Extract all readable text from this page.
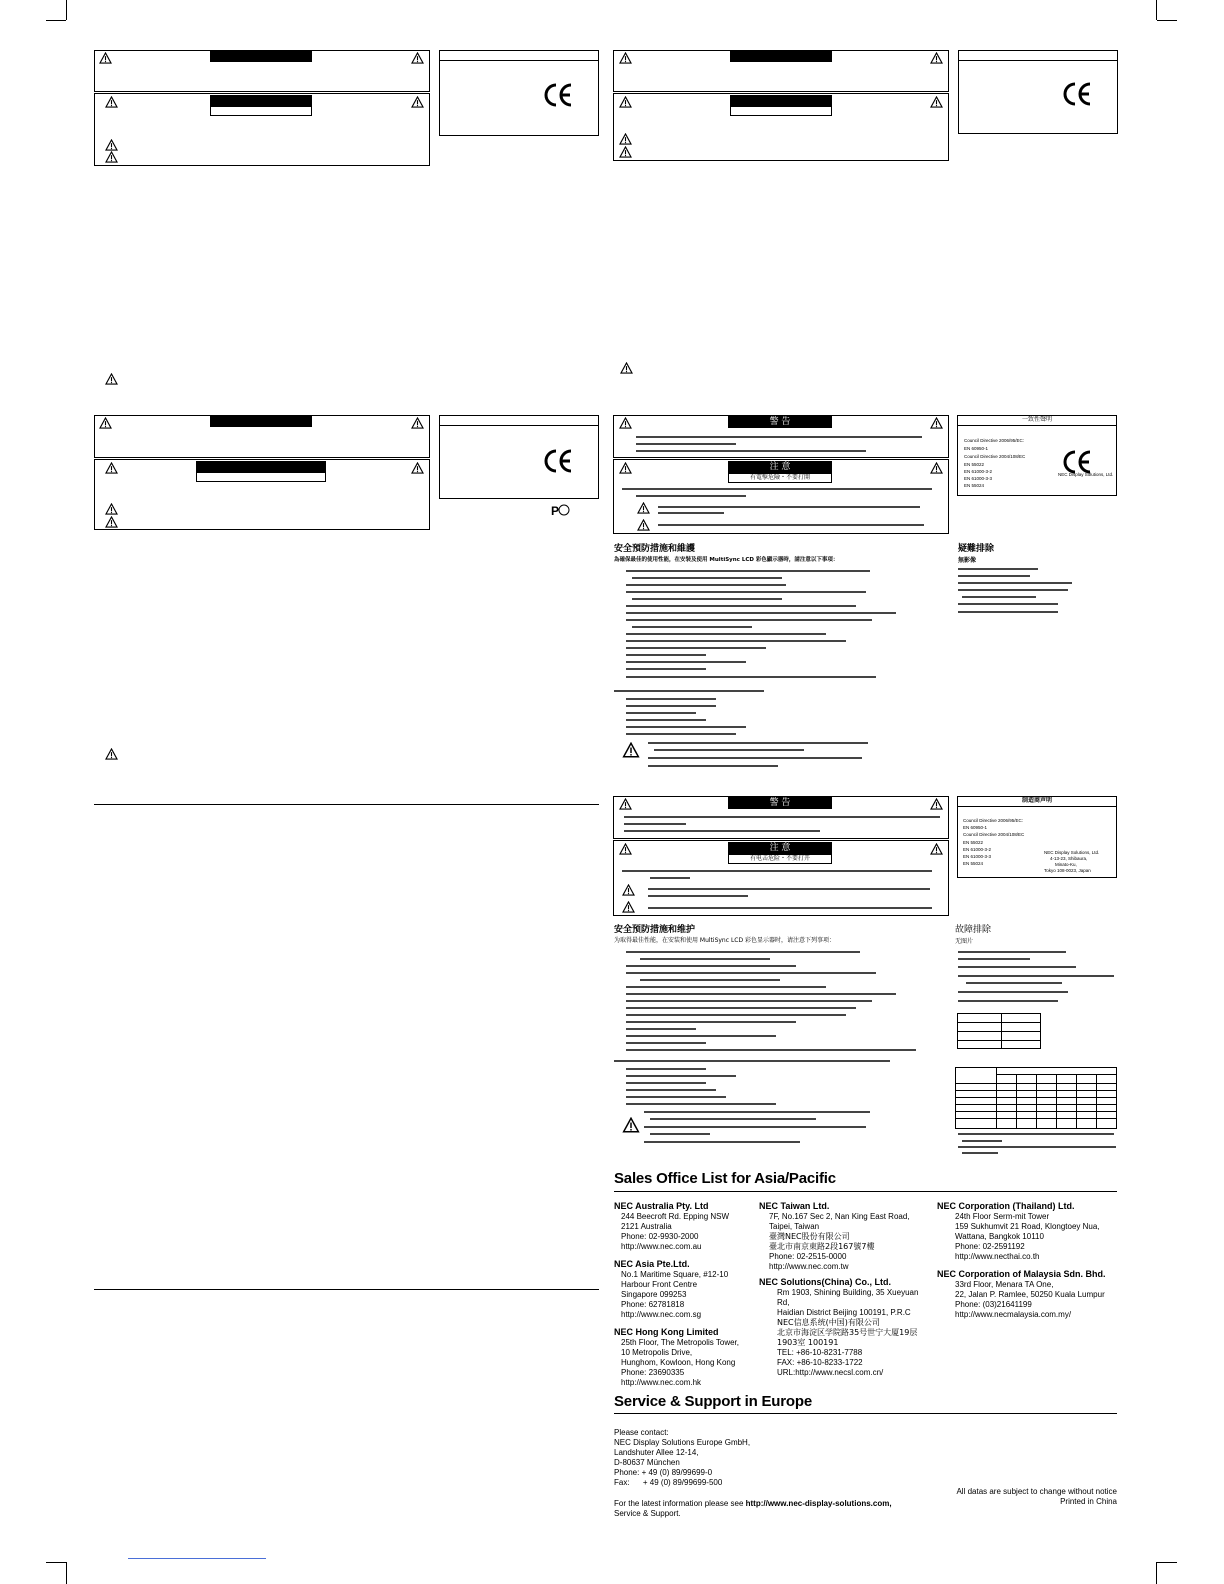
P
警 告
注 意
有電擊危險・不要打開
一致性聲明
Council Directive 2006/95/EC:
EN 60950-1
Council Directive 2004/108/EC
EN 55022
EN 61000-3-2
EN 61000-3-3
EN 55024
NEC Display Solutions, Ltd.
安全預防措施和維護
為確保最佳的使用性能，在安裝及使用 MultiSync LCD 彩色顯示器時，請注意以下事項：
疑難排除
無影像
警 告
注 意
有电击危险・不要打开
制造商声明
Council Directive 2006/95/EC:
EN 60950-1
Council Directive 2004/108/EC
EN 55022
EN 61000-3-2
EN 61000-3-3
EN 55024
NEC Display Solutions, Ltd.
4-13-23, Shibaura,
Minato-Ku,
Tokyo 108-0023, Japan
安全预防措施和维护
为取得最佳性能，在安装和使用 MultiSync LCD 彩色显示器时，请注意下列事项：
故障排除
无图片
Sales Office List for Asia/Pacific
NEC Australia Pty. Ltd
244 Beecroft Rd. Epping NSW
2121 Australia
Phone: 02-9930-2000
http://www.nec.com.au
NEC Asia Pte.Ltd.
No.1 Maritime Square, #12-10
Harbour Front Centre
Singapore 099253
Phone: 62781818
http://www.nec.com.sg
NEC Hong Kong Limited
25th Floor, The Metropolis Tower,
10 Metropolis Drive,
Hunghom, Kowloon, Hong Kong
Phone: 23690335
http://www.nec.com.hk
NEC Taiwan Ltd.
7F, No.167 Sec 2, Nan King East Road,
Taipei, Taiwan
臺灣NEC股份有限公司
臺北市南京東路2段167號7樓
Phone: 02-2515-0000
http://www.nec.com.tw
NEC Solutions(China) Co., Ltd.
Rm 1903, Shining Building, 35 Xueyuan Rd,
Haidian District Beijing 100191, P.R.C
NEC信息系统(中国)有限公司
北京市海淀区学院路35号世宁大厦19层
1903室 100191
TEL: +86-10-8231-7788
FAX: +86-10-8233-1722
URL:http://www.necsl.com.cn/
NEC Corporation (Thailand) Ltd.
24th Floor Serm-mit Tower
159 Sukhumvit 21 Road, Klongtoey Nua,
Wattana, Bangkok 10110
Phone: 02-2591192
http://www.necthai.co.th
NEC Corporation of Malaysia Sdn. Bhd.
33rd Floor, Menara TA One,
22, Jalan P. Ramlee, 50250 Kuala Lumpur
Phone: (03)21641199
http://www.necmalaysia.com.my/
Service & Support in Europe
Please contact:
NEC Display Solutions Europe GmbH,
Landshuter Allee 12-14,
D-80637 München
Phone: + 49 (0) 89/99699-0
Fax:      + 49 (0) 89/99699-500
For the latest information please see http://www.nec-display-solutions.com,
Service & Support.
All datas are subject to change without notice
Printed in China
